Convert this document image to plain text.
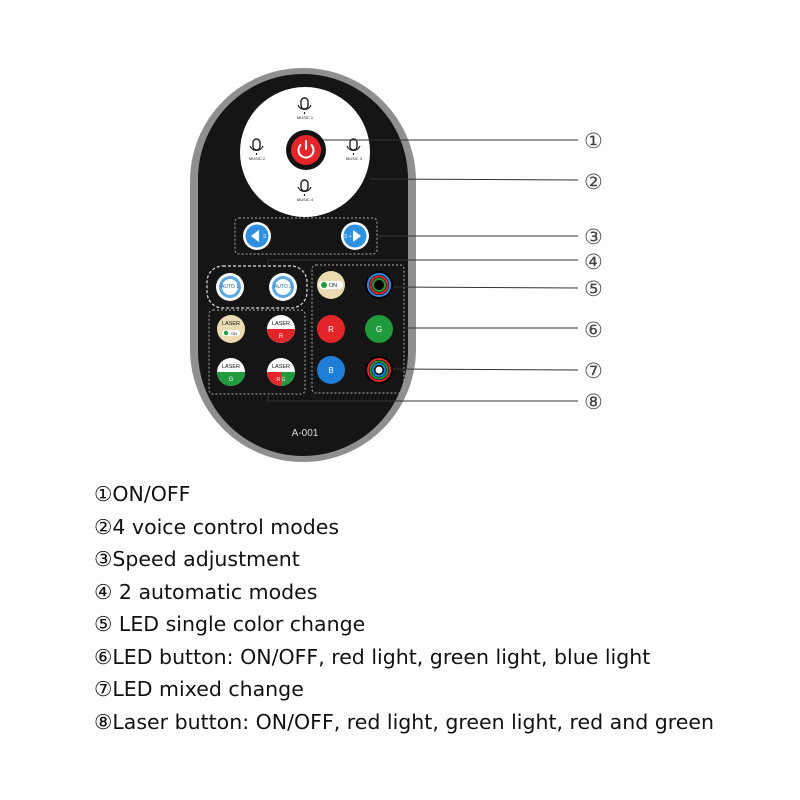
MUSIC 1
MUSIC 2	MUSIC 3
MUSIC 4
S -	S +
AUTO 1	AUTO 2	ON
R	G
B
LASER
ON
LASER
R
LASER
G
LASER
R G
A-001
①
②
③
④
⑤
⑥
⑦
⑧
①ON/OFF
②4 voice control modes
③Speed adjustment
④ 2 automatic modes
⑤ LED single color change
⑥LED button: ON/OFF, red light, green light, blue light
⑦LED mixed change
⑧Laser button: ON/OFF, red light, green light, red and green
